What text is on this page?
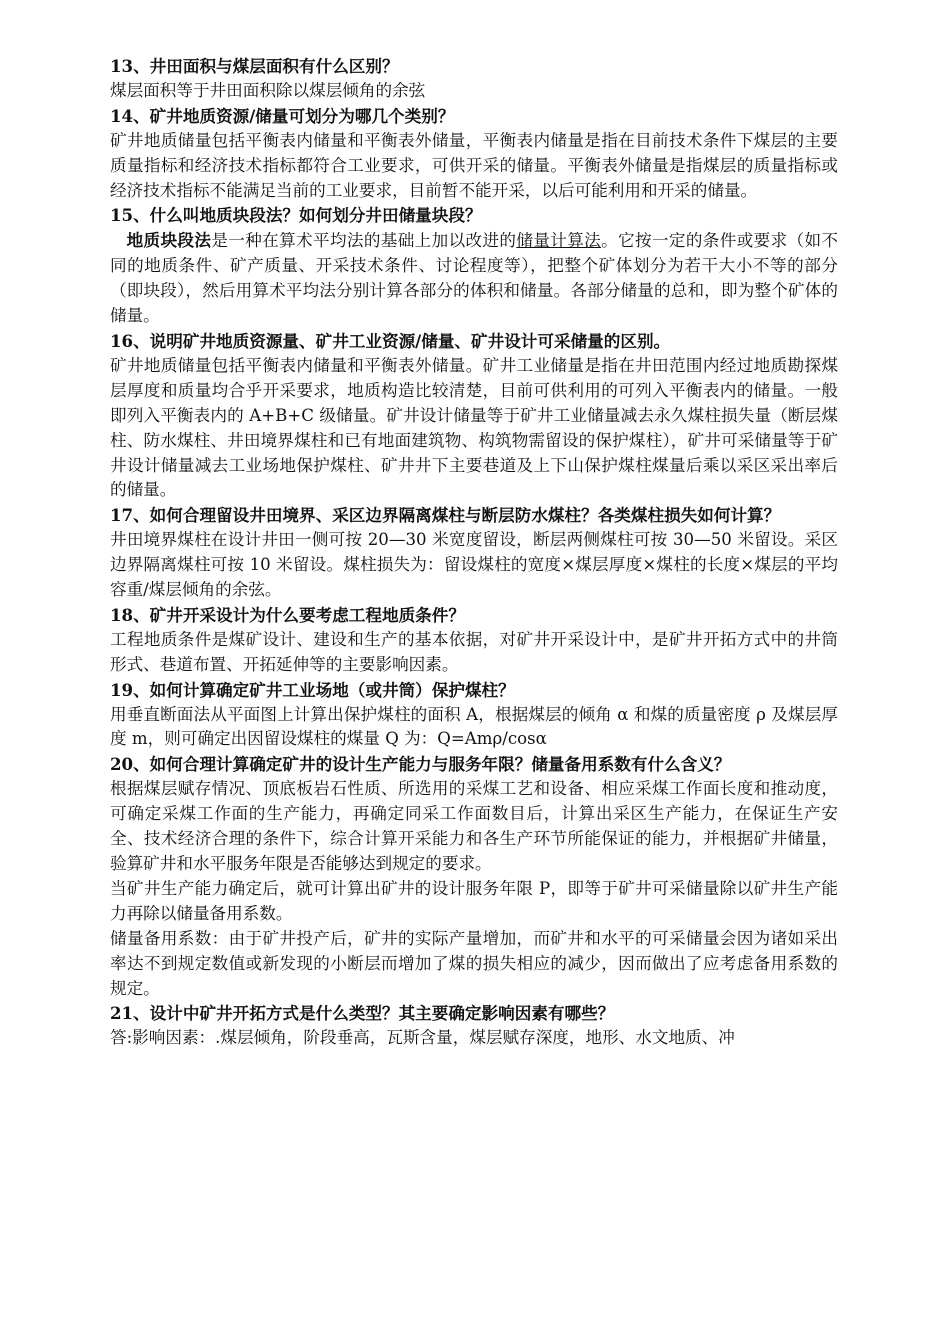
13、井田面积与煤层面积有什么区别？

煤层面积等于井田面积除以煤层倾角的余弦

14、矿井地质资源/储量可划分为哪几个类别？

矿井地质储量包括平衡表内储量和平衡表外储量，平衡表内储量是指在目前技术条件下煤层的主要质量指标和经济技术指标都符合工业要求，可供开采的储量。平衡表外储量是指煤层的质量指标或经济技术指标不能满足当前的工业要求，目前暂不能开采，以后可能利用和开采的储量。

15、什么叫地质块段法？如何划分井田储量块段？

地质块段法是一种在算术平均法的基础上加以改进的储量计算法。它按一定的条件或要求（如不同的地质条件、矿产质量、开采技术条件、讨论程度等），把整个矿体划分为若干大小不等的部分（即块段），然后用算术平均法分别计算各部分的体积和储量。各部分储量的总和，即为整个矿体的储量。

16、说明矿井地质资源量、矿井工业资源/储量、矿井设计可采储量的区别。

矿井地质储量包括平衡表内储量和平衡表外储量。矿井工业储量是指在井田范围内经过地质勘探煤层厚度和质量均合乎开采要求，地质构造比较清楚，目前可供利用的可列入平衡表内的储量。一般即列入平衡表内的 A+B+C 级储量。矿井设计储量等于矿井工业储量减去永久煤柱损失量（断层煤柱、防水煤柱、井田境界煤柱和已有地面建筑物、构筑物需留设的保护煤柱），矿井可采储量等于矿井设计储量减去工业场地保护煤柱、矿井井下主要巷道及上下山保护煤柱煤量后乘以采区采出率后的储量。

17、如何合理留设井田境界、采区边界隔离煤柱与断层防水煤柱？各类煤柱损失如何计算？

井田境界煤柱在设计井田一侧可按 20—30 米宽度留设，断层两侧煤柱可按 30—50 米留设。采区边界隔离煤柱可按 10 米留设。煤柱损失为：留设煤柱的宽度×煤层厚度×煤柱的长度×煤层的平均容重/煤层倾角的余弦。

18、矿井开采设计为什么要考虑工程地质条件？

工程地质条件是煤矿设计、建设和生产的基本依据，对矿井开采设计中，是矿井开拓方式中的井筒形式、巷道布置、开拓延伸等的主要影响因素。

19、如何计算确定矿井工业场地（或井筒）保护煤柱？

用垂直断面法从平面图上计算出保护煤柱的面积 A，根据煤层的倾角 α 和煤的质量密度 ρ 及煤层厚度 m，则可确定出因留设煤柱的煤量 Q 为：Q=Amρ/cosα

20、如何合理计算确定矿井的设计生产能力与服务年限？储量备用系数有什么含义？

根据煤层赋存情况、顶底板岩石性质、所选用的采煤工艺和设备、相应采煤工作面长度和推动度，可确定采煤工作面的生产能力，再确定同采工作面数目后，计算出采区生产能力，在保证生产安全、技术经济合理的条件下，综合计算开采能力和各生产环节所能保证的能力，并根据矿井储量，验算矿井和水平服务年限是否能够达到规定的要求。

当矿井生产能力确定后，就可计算出矿井的设计服务年限 P，即等于矿井可采储量除以矿井生产能力再除以储量备用系数。

储量备用系数：由于矿井投产后，矿井的实际产量增加，而矿井和水平的可采储量会因为诸如采出率达不到规定数值或新发现的小断层而增加了煤的损失相应的减少，因而做出了应考虑备用系数的规定。

21、设计中矿井开拓方式是什么类型？其主要确定影响因素有哪些？

答:影响因素：.煤层倾角，阶段垂高，瓦斯含量，煤层赋存深度，地形、水文地质、冲
